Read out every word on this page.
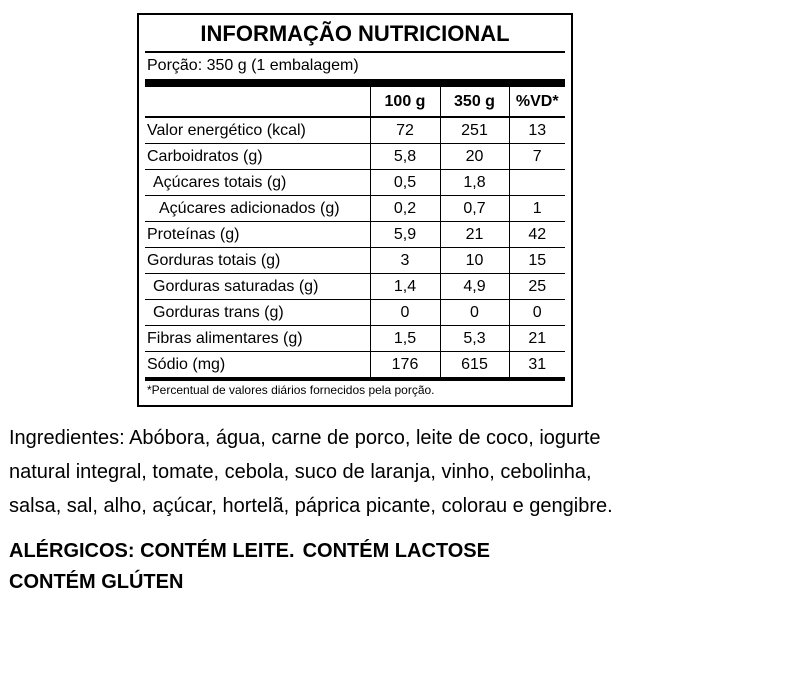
INFORMAÇÃO NUTRICIONAL
Porção: 350 g (1 embalagem)
	100 g	350 g	%VD*
Valor energético (kcal)	72	251	13
Carboidratos (g)	5,8	20	7
Açúcares totais (g)	0,5	1,8	
Açúcares adicionados (g)	0,2	0,7	1
Proteínas (g)	5,9	21	42
Gorduras totais (g)	3	10	15
Gorduras saturadas (g)	1,4	4,9	25
Gorduras trans (g)	0	0	0
Fibras alimentares (g)	1,5	5,3	21
Sódio (mg)	176	615	31
*Percentual de valores diários fornecidos pela porção.

Ingredientes: Abóbora, água, carne de porco, leite de coco, iogurte
natural integral, tomate, cebola, suco de laranja, vinho, cebolinha,
salsa, sal, alho, açúcar, hortelã, páprica picante, colorau e gengibre.

ALÉRGICOS: CONTÉM LEITE. CONTÉM LACTOSE
CONTÉM GLÚTEN
